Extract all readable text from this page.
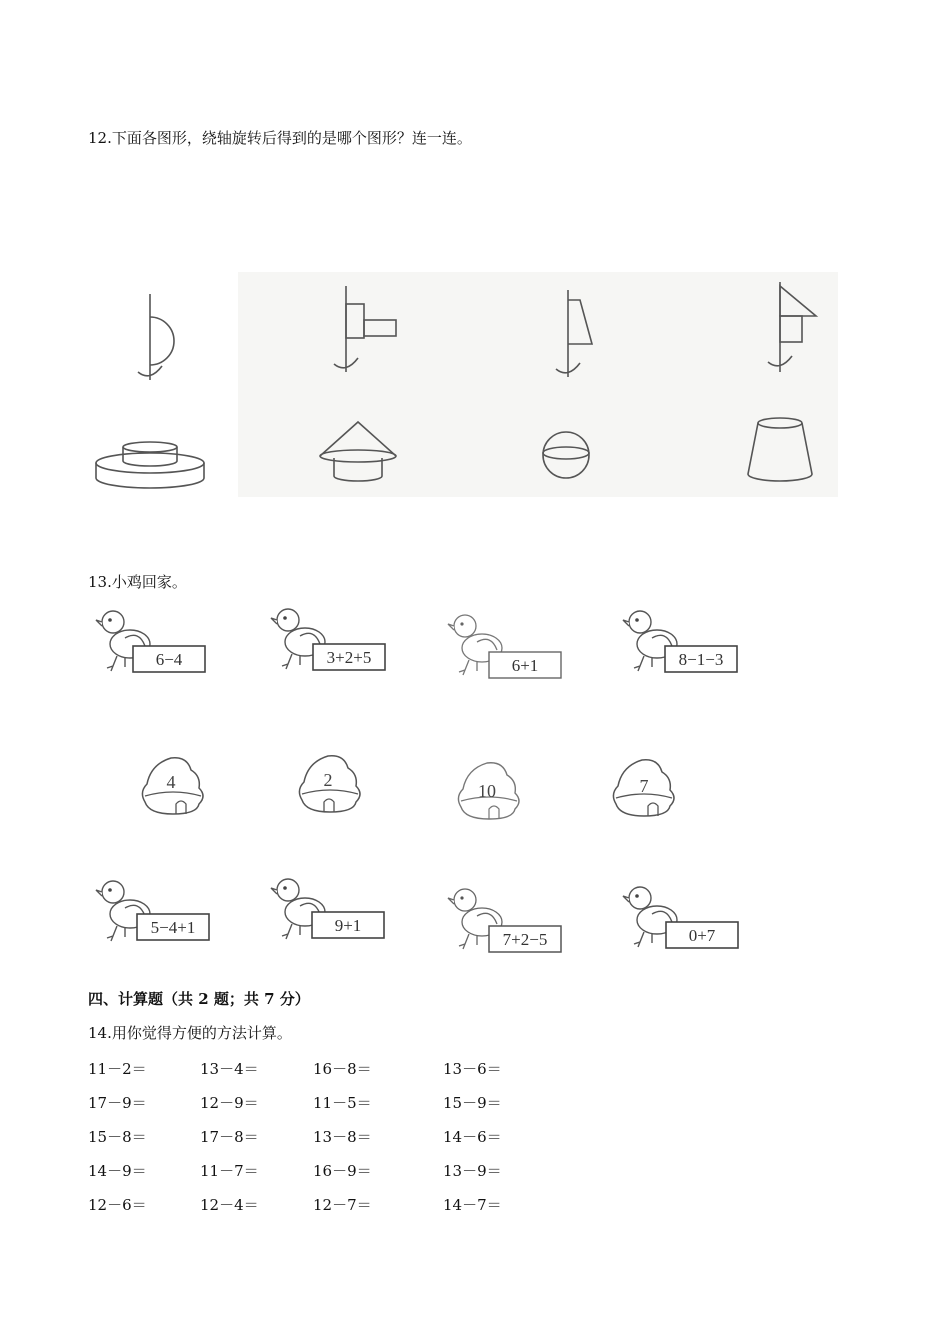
12.下面各图形，绕轴旋转后得到的是哪个图形？连一连。
13.小鸡回家。
6−4	3+2+5	6+1	8−1−3
4	2
10	7
5−4+1	9+1
7+2−5	0+7
四、计算题（共 2 题；共 7 分）
14.用你觉得方便的方法计算。
11－2＝	13－4＝	16－8＝	13－6＝
17－9＝	12－9＝	11－5＝	15－9＝
15－8＝	17－8＝	13－8＝	14－6＝
14－9＝	11－7＝	16－9＝	13－9＝
12－6＝	12－4＝	12－7＝	14－7＝
